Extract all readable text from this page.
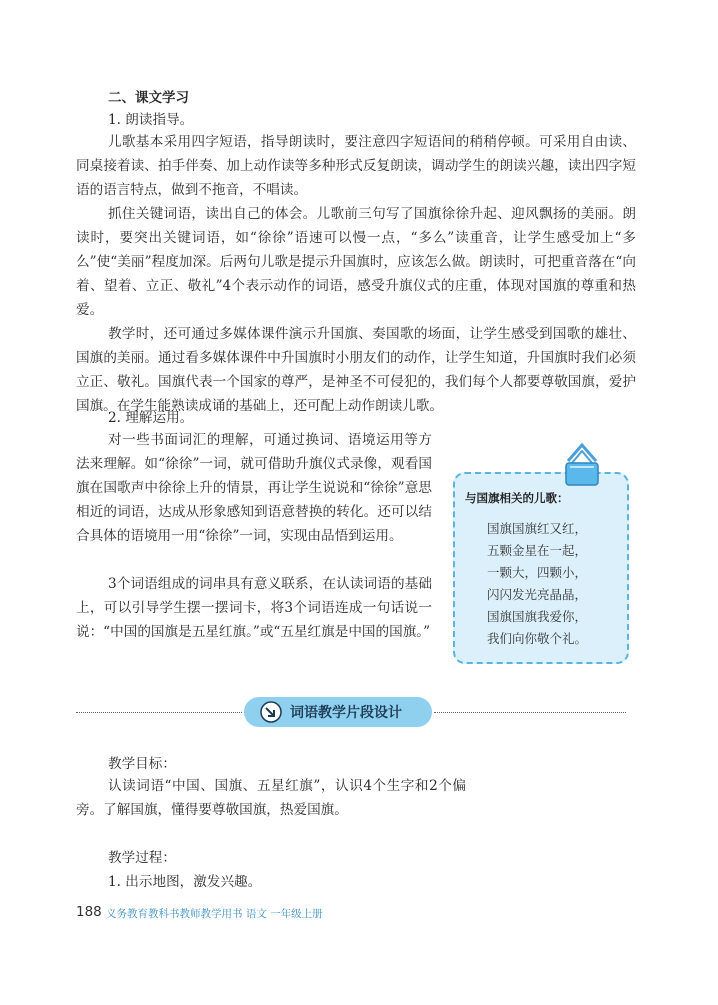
二、课文学习
1. 朗读指导。

儿歌基本采用四字短语，指导朗读时，要注意四字短语间的稍稍停顿。可采用自由读、同桌接着读、拍手伴奏、加上动作读等多种形式反复朗读，调动学生的朗读兴趣，读出四字短语的语言特点，做到不拖音，不唱读。

抓住关键词语，读出自己的体会。儿歌前三句写了国旗徐徐升起、迎风飘扬的美丽。朗读时，要突出关键词语，如“徐徐”语速可以慢一点，“多么”读重音，让学生感受加上“多么”使“美丽”程度加深。后两句儿歌是提示升国旗时，应该怎么做。朗读时，可把重音落在“向着、望着、立正、敬礼”4个表示动作的词语，感受升旗仪式的庄重，体现对国旗的尊重和热爱。

教学时，还可通过多媒体课件演示升国旗、奏国歌的场面，让学生感受到国歌的雄壮、国旗的美丽。通过看多媒体课件中升国旗时小朋友们的动作，让学生知道，升国旗时我们必须立正、敬礼。国旗代表一个国家的尊严，是神圣不可侵犯的，我们每个人都要尊敬国旗，爱护国旗。在学生能熟读成诵的基础上，还可配上动作朗读儿歌。

2. 理解运用。

对一些书面词汇的理解，可通过换词、语境运用等方法来理解。如“徐徐”一词，就可借助升旗仪式录像，观看国旗在国歌声中徐徐上升的情景，再让学生说说和“徐徐”意思相近的词语，达成从形象感知到语意替换的转化。还可以结合具体的语境用一用“徐徐”一词，实现由品悟到运用。

3个词语组成的词串具有意义联系，在认读词语的基础上，可以引导学生摆一摆词卡，将3个词语连成一句话说一说：“中国的国旗是五星红旗。”或“五星红旗是中国的国旗。”

与国旗相关的儿歌：
国旗国旗红又红，
五颗金星在一起，
一颗大，四颗小，
闪闪发光亮晶晶，
国旗国旗我爱你，
我们向你敬个礼。
词语教学片段设计
教学目标：

认读词语“中国、国旗、五星红旗”，认识4个生字和2个偏旁。了解国旗，懂得要尊敬国旗，热爱国旗。

教学过程：
1. 出示地图，激发兴趣。
188 义务教育教科书教师教学用书 语文 一年级上册
